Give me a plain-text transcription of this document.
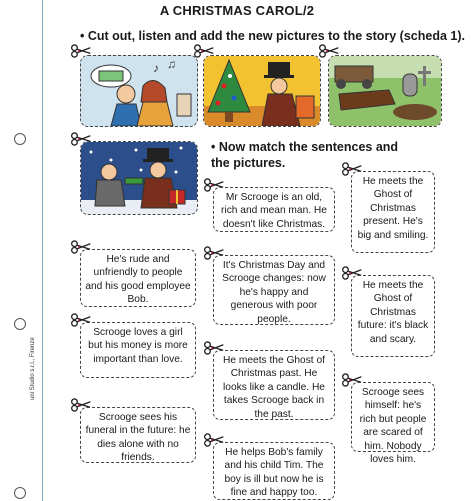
uni Studio s.r.l., Firenze
A CHRISTMAS CAROL/2
• Cut out, listen and add the new pictures to the story (scheda 1).
♪ ♫
• Now match the sentences and the pictures.
Mr Scrooge is an old, rich and mean man. He doesn't like Christmas.
He meets the Ghost of Christmas present. He's big and smiling.
He's rude and unfriendly to people and his good employee Bob.
It's Christmas Day and Scrooge changes: now he's happy and generous with poor people.
He meets the Ghost of Christmas future: it's black and scary.
Scrooge loves a girl but his money is more important than love.	He meets the Ghost of Christmas past. He looks like a candle. He takes Scrooge back in the past.
Scrooge sees himself: he's rich but people are scared of him. Nobody loves him.
Scrooge sees his funeral in the future: he dies alone with no friends.	He helps Bob's family and his child Tim. The boy is ill but now he is fine and happy too.
